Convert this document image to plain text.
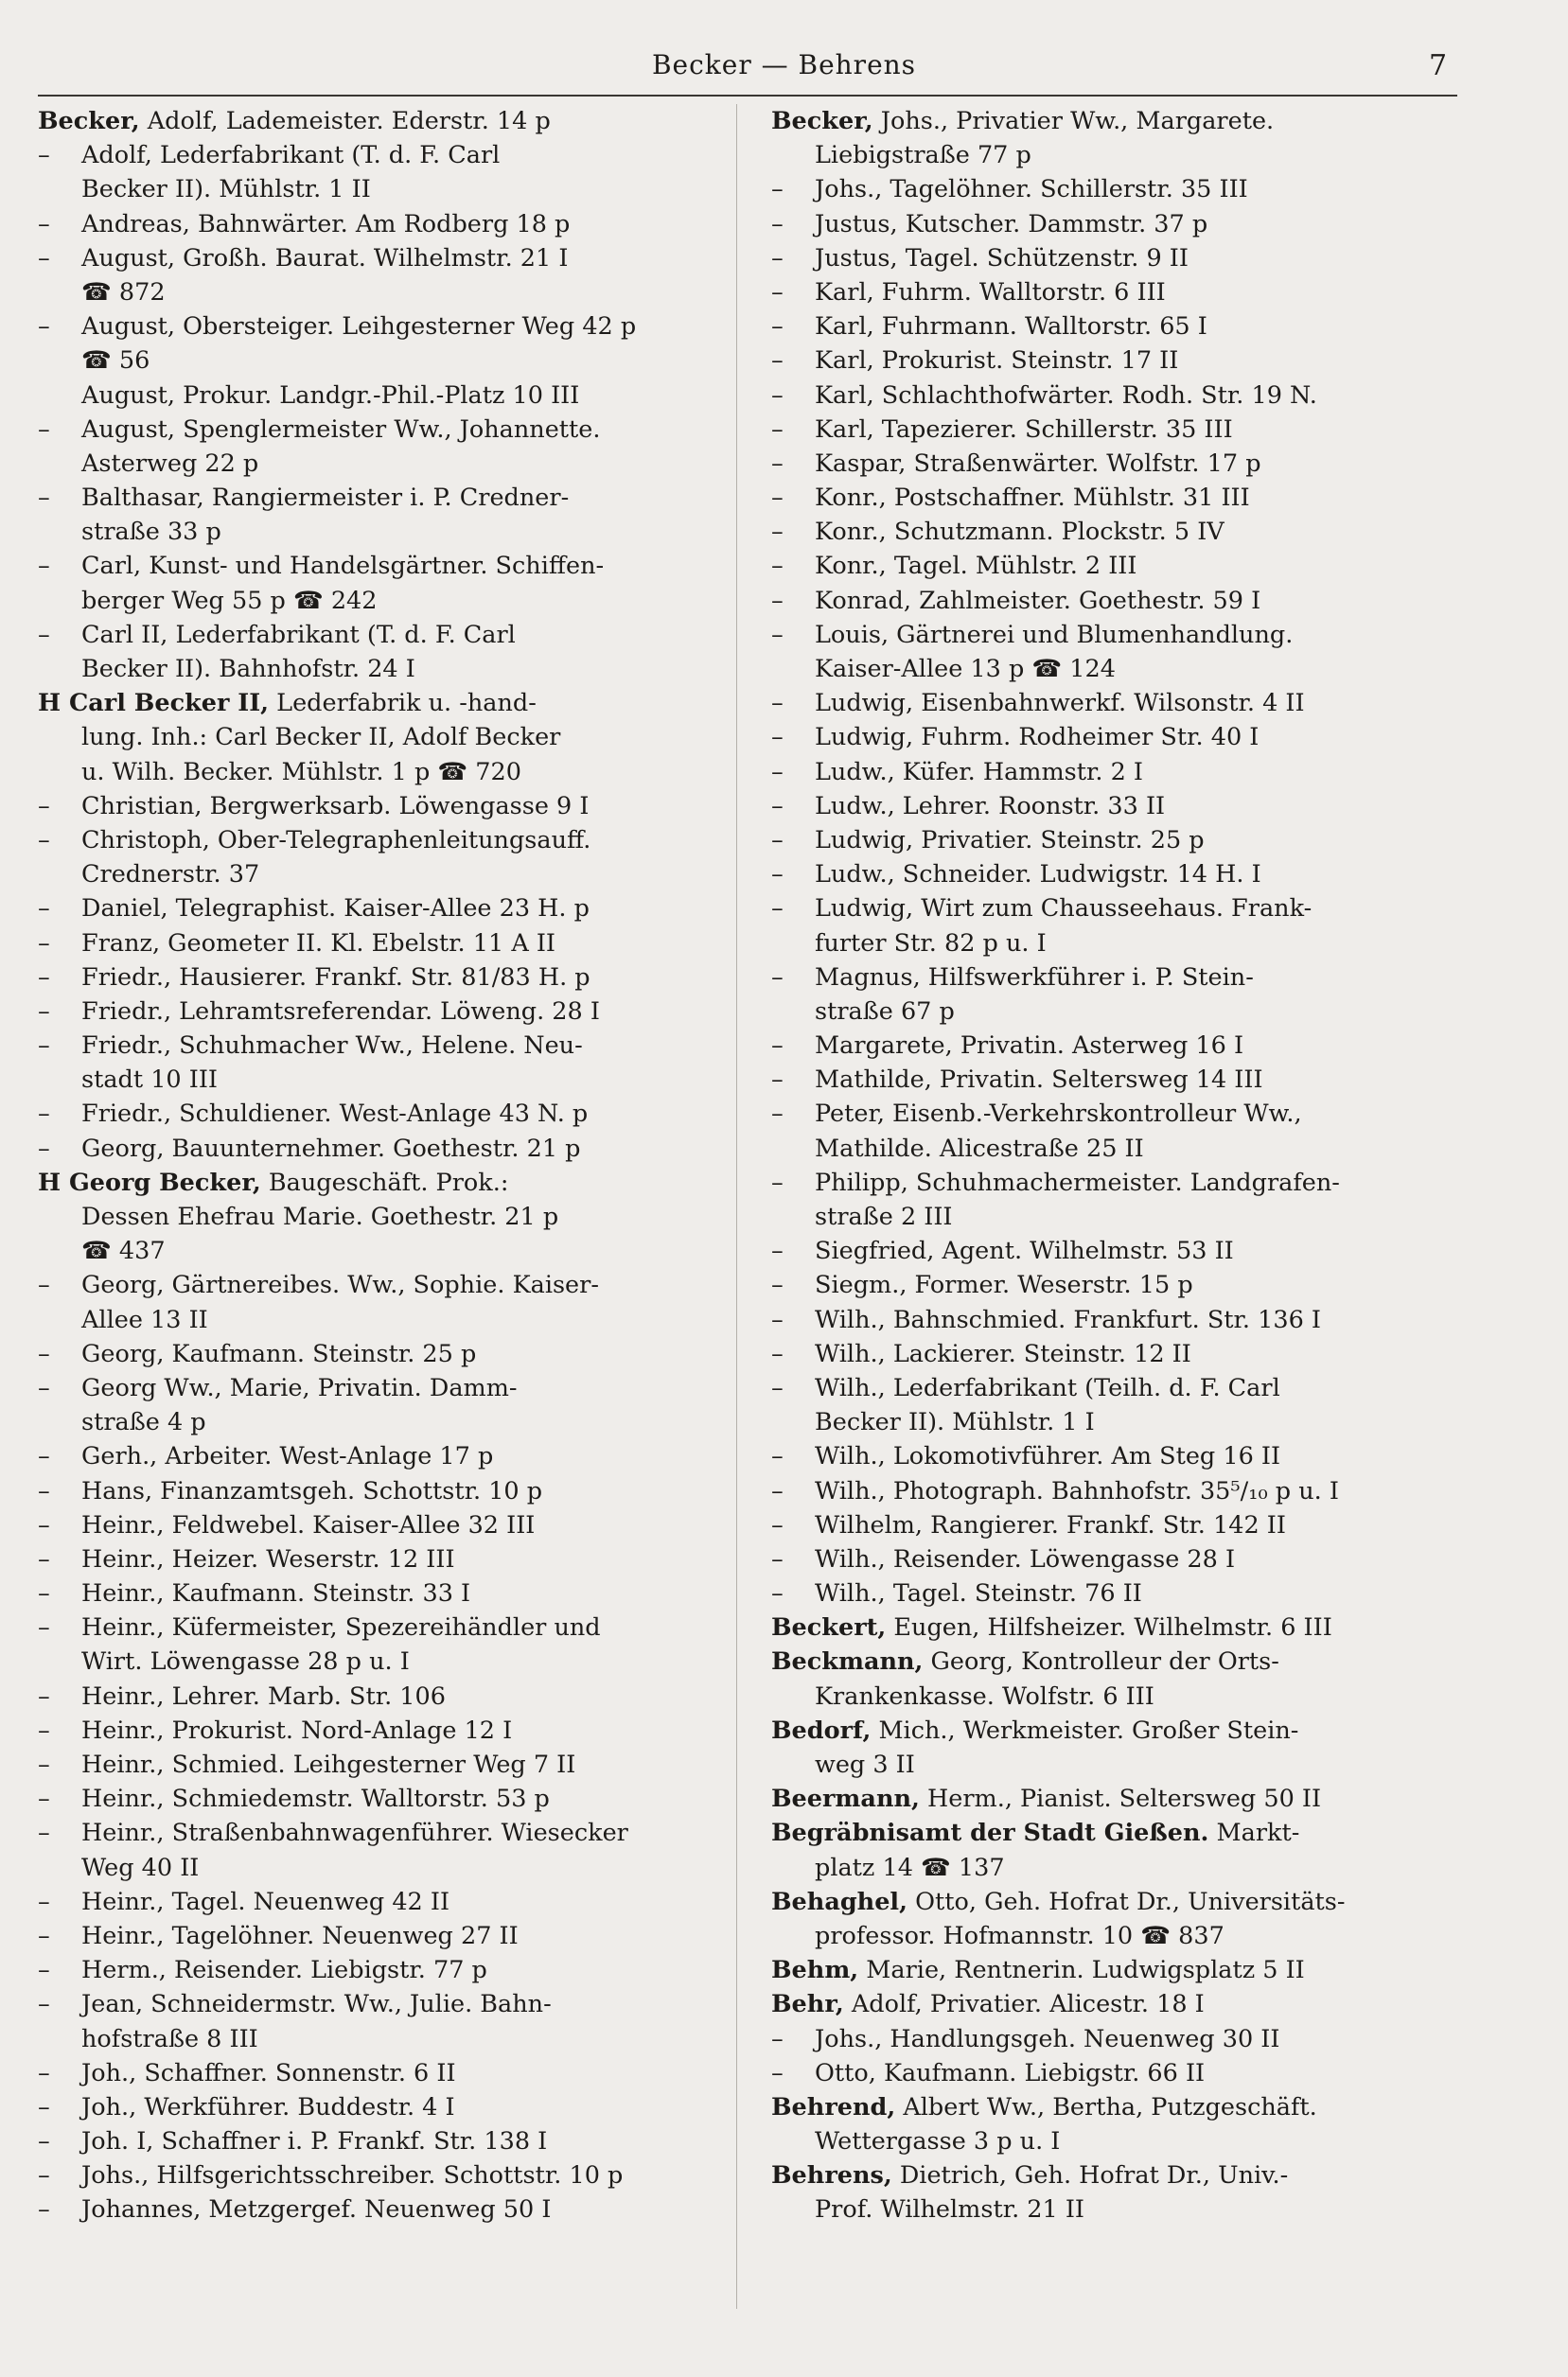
Becker — Behrens	7
Becker, Adolf, Lademeister. Ederstr. 14 p
– Adolf, Lederfabrikant (T. d. F. Carl
Becker II). Mühlstr. 1 II
– Andreas, Bahnwärter. Am Rodberg 18 p
– August, Großh. Baurat. Wilhelmstr. 21 I
☎ 872
– August, Obersteiger. Leihgesterner Weg 42 p
☎ 56
August, Prokur. Landgr.-Phil.-Platz 10 III
– August, Spenglermeister Ww., Johannette.
Asterweg 22 p
– Balthasar, Rangiermeister i. P. Credner-
straße 33 p
– Carl, Kunst- und Handelsgärtner. Schiffen-
berger Weg 55 p ☎ 242
– Carl II, Lederfabrikant (T. d. F. Carl
Becker II). Bahnhofstr. 24 I
H Carl Becker II, Lederfabrik u. -hand-
lung. Inh.: Carl Becker II, Adolf Becker
u. Wilh. Becker. Mühlstr. 1 p ☎ 720
– Christian, Bergwerksarb. Löwengasse 9 I
– Christoph, Ober-Telegraphenleitungsauff.
Crednerstr. 37
– Daniel, Telegraphist. Kaiser-Allee 23 H. p
– Franz, Geometer II. Kl. Ebelstr. 11 A II
– Friedr., Hausierer. Frankf. Str. 81/83 H. p
– Friedr., Lehramtsreferendar. Löweng. 28 I
– Friedr., Schuhmacher Ww., Helene. Neu-
stadt 10 III
– Friedr., Schuldiener. West-Anlage 43 N. p
– Georg, Bauunternehmer. Goethestr. 21 p
H Georg Becker, Baugeschäft. Prok.:
Dessen Ehefrau Marie. Goethestr. 21 p
☎ 437
– Georg, Gärtnereibes. Ww., Sophie. Kaiser-
Allee 13 II
– Georg, Kaufmann. Steinstr. 25 p
– Georg Ww., Marie, Privatin. Damm-
straße 4 p
– Gerh., Arbeiter. West-Anlage 17 p
– Hans, Finanzamtsgeh. Schottstr. 10 p
– Heinr., Feldwebel. Kaiser-Allee 32 III
– Heinr., Heizer. Weserstr. 12 III
– Heinr., Kaufmann. Steinstr. 33 I
– Heinr., Küfermeister, Spezereihändler und
Wirt. Löwengasse 28 p u. I
– Heinr., Lehrer. Marb. Str. 106
– Heinr., Prokurist. Nord-Anlage 12 I
– Heinr., Schmied. Leihgesterner Weg 7 II
– Heinr., Schmiedemstr. Walltorstr. 53 p
– Heinr., Straßenbahnwagenführer. Wiesecker
Weg 40 II
– Heinr., Tagel. Neuenweg 42 II
– Heinr., Tagelöhner. Neuenweg 27 II
– Herm., Reisender. Liebigstr. 77 p
– Jean, Schneidermstr. Ww., Julie. Bahn-
hofstraße 8 III
– Joh., Schaffner. Sonnenstr. 6 II
– Joh., Werkführer. Buddestr. 4 I
– Joh. I, Schaffner i. P. Frankf. Str. 138 I
– Johs., Hilfsgerichtsschreiber. Schottstr. 10 p
– Johannes, Metzgergef. Neuenweg 50 I
Becker, Johs., Privatier Ww., Margarete.
Liebigstraße 77 p
– Johs., Tagelöhner. Schillerstr. 35 III
– Justus, Kutscher. Dammstr. 37 p
– Justus, Tagel. Schützenstr. 9 II
– Karl, Fuhrm. Walltorstr. 6 III
– Karl, Fuhrmann. Walltorstr. 65 I
– Karl, Prokurist. Steinstr. 17 II
– Karl, Schlachthofwärter. Rodh. Str. 19 N.
– Karl, Tapezierer. Schillerstr. 35 III
– Kaspar, Straßenwärter. Wolfstr. 17 p
– Konr., Postschaffner. Mühlstr. 31 III
– Konr., Schutzmann. Plockstr. 5 IV
– Konr., Tagel. Mühlstr. 2 III
– Konrad, Zahlmeister. Goethestr. 59 I
– Louis, Gärtnerei und Blumenhandlung.
Kaiser-Allee 13 p ☎ 124
– Ludwig, Eisenbahnwerkf. Wilsonstr. 4 II
– Ludwig, Fuhrm. Rodheimer Str. 40 I
– Ludw., Küfer. Hammstr. 2 I
– Ludw., Lehrer. Roonstr. 33 II
– Ludwig, Privatier. Steinstr. 25 p
– Ludw., Schneider. Ludwigstr. 14 H. I
– Ludwig, Wirt zum Chausseehaus. Frank-
furter Str. 82 p u. I
– Magnus, Hilfswerkführer i. P. Stein-
straße 67 p
– Margarete, Privatin. Asterweg 16 I
– Mathilde, Privatin. Seltersweg 14 III
– Peter, Eisenb.-Verkehrskontrolleur Ww.,
Mathilde. Alicestraße 25 II
– Philipp, Schuhmachermeister. Landgrafen-
straße 2 III
– Siegfried, Agent. Wilhelmstr. 53 II
– Siegm., Former. Weserstr. 15 p
– Wilh., Bahnschmied. Frankfurt. Str. 136 I
– Wilh., Lackierer. Steinstr. 12 II
– Wilh., Lederfabrikant (Teilh. d. F. Carl
Becker II). Mühlstr. 1 I
– Wilh., Lokomotivführer. Am Steg 16 II
– Wilh., Photograph. Bahnhofstr. 35⁵/₁₀ p u. I
– Wilhelm, Rangierer. Frankf. Str. 142 II
– Wilh., Reisender. Löwengasse 28 I
– Wilh., Tagel. Steinstr. 76 II
Beckert, Eugen, Hilfsheizer. Wilhelmstr. 6 III
Beckmann, Georg, Kontrolleur der Orts-
Krankenkasse. Wolfstr. 6 III
Bedorf, Mich., Werkmeister. Großer Stein-
weg 3 II
Beermann, Herm., Pianist. Seltersweg 50 II
Begräbnisamt der Stadt Gießen. Markt-
platz 14 ☎ 137
Behaghel, Otto, Geh. Hofrat Dr., Universitäts-
professor. Hofmannstr. 10 ☎ 837
Behm, Marie, Rentnerin. Ludwigsplatz 5 II
Behr, Adolf, Privatier. Alicestr. 18 I
– Johs., Handlungsgeh. Neuenweg 30 II
– Otto, Kaufmann. Liebigstr. 66 II
Behrend, Albert Ww., Bertha, Putzgeschäft.
Wettergasse 3 p u. I
Behrens, Dietrich, Geh. Hofrat Dr., Univ.-
Prof. Wilhelmstr. 21 II
